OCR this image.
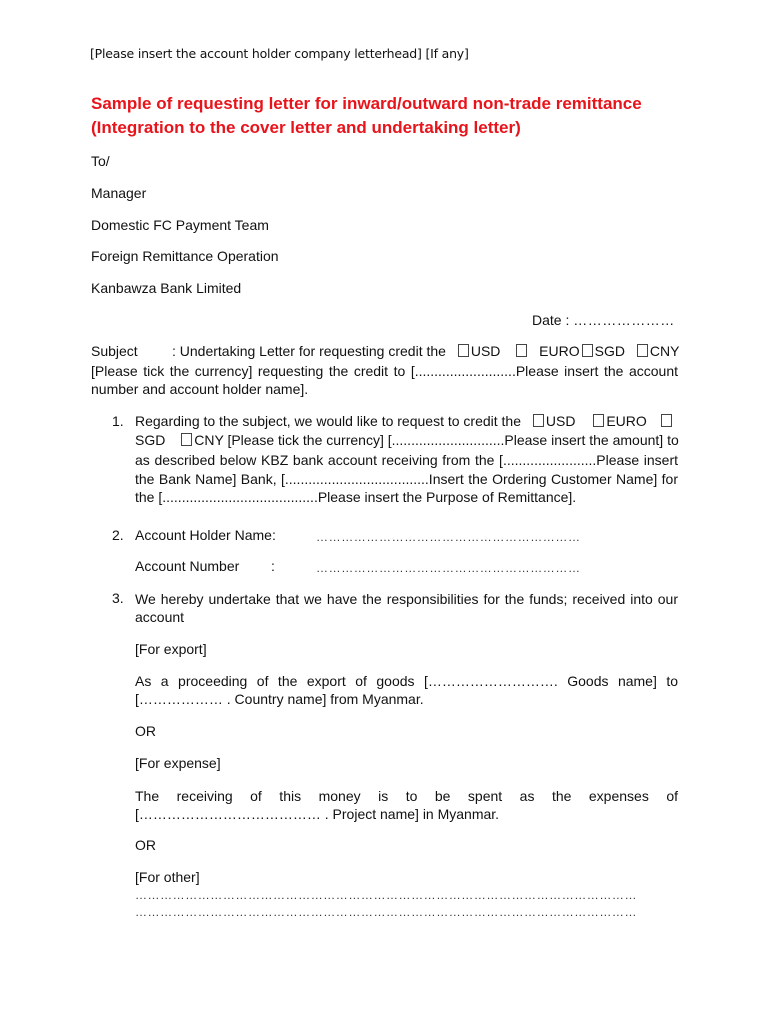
[Please insert the account holder company letterhead] [If any]
Sample of requesting letter for inward/outward non-trade remittance
(Integration to the cover letter and undertaking letter)
To/
Manager
Domestic FC Payment Team
Foreign Remittance Operation
Kanbawza Bank Limited
Date : …………………
Subject : Undertaking Letter for requesting credit the USD	EURO SGD CNY
[Please tick the currency] requesting the credit to [..........................Please insert the account
number and account holder name].
1. Regarding to the subject, we would like to request to credit the USD EURO
SGD CNY [Please tick the currency] [.............................Please insert the amount] to
as described below KBZ bank account receiving from the [........................Please insert
the Bank Name] Bank, [.....................................Insert the Ordering Customer Name] for
the [........................................Please insert the Purpose of Remittance].
2. Account Holder Name:	………………………………………………………
Account Number :	………………………………………………………
3. We hereby undertake that we have the responsibilities for the funds; received into our
account
[For export]
As a proceeding of the export of goods [………………………. Goods name] to
[……………… . Country name] from Myanmar.
OR
[For expense]
The receiving of this money is to be spent as the expenses of
[………………………………… . Project name] in Myanmar.
OR
[For other]
…………………………………………………………………………………………………………
…………………………………………………………………………………………………………
